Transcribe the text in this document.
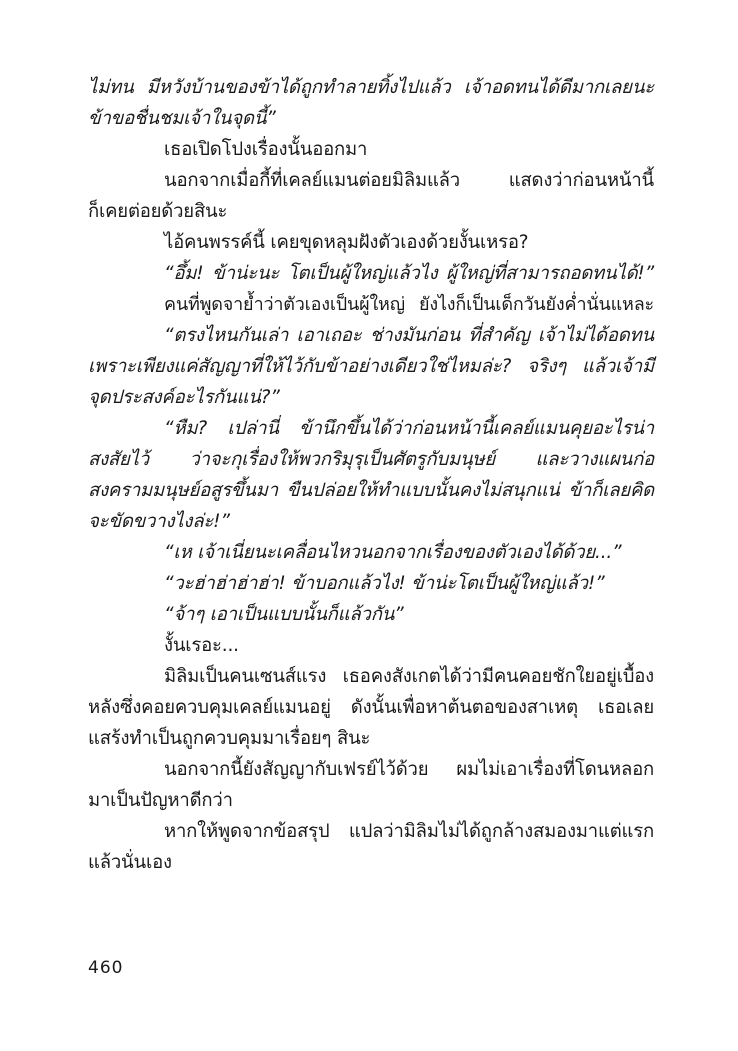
ไม่ทน มีหวังบ้านของข้าได้ถูกทำลายทิ้งไปแล้ว เจ้าอดทนได้ดีมากเลยนะ
ข้าขอชื่นชมเจ้าในจุดนี้”
เธอเปิดโปงเรื่องนั้นออกมา
นอกจากเมื่อกี้ที่เคลย์แมนต่อยมิลิมแล้ว แสดงว่าก่อนหน้านี้
ก็เคยต่อยด้วยสินะ
ไอ้คนพรรค์นี้ เคยขุดหลุมฝังตัวเองด้วยงั้นเหรอ?
“อึ้ม! ข้าน่ะนะ โตเป็นผู้ใหญ่แล้วไง ผู้ใหญ่ที่สามารถอดทนได้!”
คนที่พูดจาย้ำว่าตัวเองเป็นผู้ใหญ่ ยังไงก็เป็นเด็กวันยังค่ำนั่นแหละ
“ตรงไหนกันเล่า เอาเถอะ ช่างมันก่อน ที่สำคัญ เจ้าไม่ได้อดทน
เพราะเพียงแค่สัญญาที่ให้ไว้กับข้าอย่างเดียวใช่ไหมล่ะ? จริงๆ แล้วเจ้ามี
จุดประสงค์อะไรกันแน่?”
“หืม? เปล่านี่ ข้านึกขึ้นได้ว่าก่อนหน้านี้เคลย์แมนคุยอะไรน่า
สงสัยไว้ ว่าจะกุเรื่องให้พวกริมุรุเป็นศัตรูกับมนุษย์ และวางแผนก่อ
สงครามมนุษย์อสูรขึ้นมา ขืนปล่อยให้ทำแบบนั้นคงไม่สนุกแน่ ข้าก็เลยคิด
จะขัดขวางไงล่ะ!”
“เห เจ้าเนี่ยนะเคลื่อนไหวนอกจากเรื่องของตัวเองได้ด้วย...”
“วะฮ่าฮ่าฮ่าฮ่า! ข้าบอกแล้วไง! ข้าน่ะโตเป็นผู้ใหญ่แล้ว!”
“จ้าๆ เอาเป็นแบบนั้นก็แล้วกัน”
งั้นเรอะ...
มิลิมเป็นคนเซนส์แรง เธอคงสังเกตได้ว่ามีคนคอยชักใยอยู่เบื้อง
หลังซึ่งคอยควบคุมเคลย์แมนอยู่ ดังนั้นเพื่อหาต้นตอของสาเหตุ เธอเลย
แสร้งทำเป็นถูกควบคุมมาเรื่อยๆ สินะ
นอกจากนี้ยังสัญญากับเฟรย์ไว้ด้วย ผมไม่เอาเรื่องที่โดนหลอก
มาเป็นปัญหาดีกว่า
หากให้พูดจากข้อสรุป แปลว่ามิลิมไม่ได้ถูกล้างสมองมาแต่แรก
แล้วนั่นเอง
460
